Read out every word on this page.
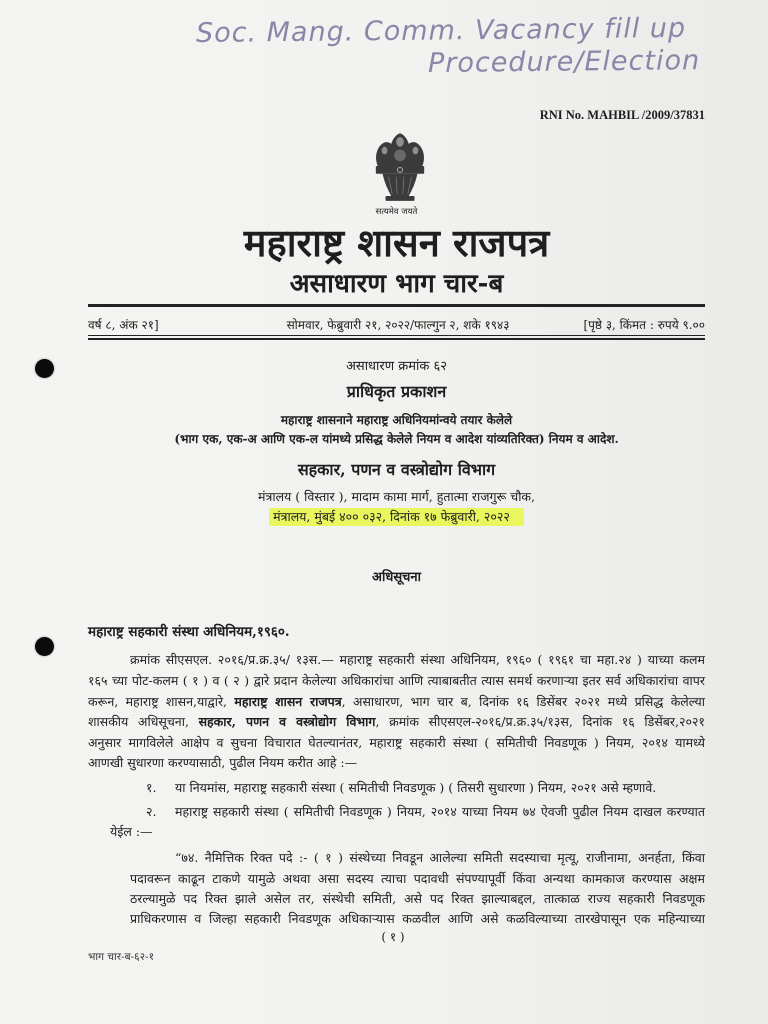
Soc. Mang. Comm. Vacancy fill up
Procedure/Election
RNI No. MAHBIL /2009/37831
सत्यमेव जयते
महाराष्ट्र शासन राजपत्र
असाधारण भाग चार-ब
वर्ष ८, अंक २१]	सोमवार, फेब्रुवारी २१, २०२२/फाल्गुन २, शके १९४३	[पृष्ठे ३, किंमत : रुपये ९.००
असाधारण क्रमांक ६२
प्राधिकृत प्रकाशन
महाराष्ट्र शासनाने महाराष्ट्र अधिनियमांन्वये तयार केलेले
(भाग एक, एक-अ आणि एक-ल यांमध्ये प्रसिद्ध केलेले नियम व आदेश यांव्यतिरिक्त) नियम व आदेश.
सहकार, पणन व वस्त्रोद्योग विभाग
मंत्रालय ( विस्तार ), मादाम कामा मार्ग, हुतात्मा राजगुरू चौक,
मंत्रालय, मुंबई ४०० ०३२, दिनांक १७ फेब्रुवारी, २०२२
अधिसूचना
महाराष्ट्र सहकारी संस्था अधिनियम,१९६०.
क्रमांक सीएसएल. २०१६/प्र.क्र.३५/ १३स.— महाराष्ट्र सहकारी संस्था अधिनियम, १९६० ( १९६१ चा महा.२४ ) याच्या कलम
१६५ च्या पोट-कलम ( १ ) व ( २ ) द्वारे प्रदान केलेल्या अधिकारांचा आणि त्याबाबतीत त्यास समर्थ करणाऱ्या इतर सर्व अधिकारांचा वापर
करून, महाराष्ट्र शासन,याद्वारे, महाराष्ट्र शासन राजपत्र, असाधारण, भाग चार ब, दिनांक १६ डिसेंबर २०२१ मध्ये प्रसिद्ध केलेल्या
शासकीय अधिसूचना, सहकार, पणन व वस्त्रोद्योग विभाग, क्रमांक सीएसएल-२०१६/प्र.क्र.३५/१३स, दिनांक १६ डिसेंबर,२०२१
अनुसार मागविलेले आक्षेप व सुचना विचारात घेतल्यानंतर, महाराष्ट्र सहकारी संस्था ( समितीची निवडणूक ) नियम, २०१४ यामध्ये
आणखी सुधारणा करण्यासाठी, पुढील नियम करीत आहे :—
१.	या नियमांस, महाराष्ट्र सहकारी संस्था ( समितीची निवडणूक ) ( तिसरी सुधारणा ) नियम, २०२१ असे म्हणावे.
२.	महाराष्ट्र सहकारी संस्था ( समितीची निवडणूक ) नियम, २०१४ याच्या नियम ७४ ऐवजी पुढील नियम दाखल करण्यात
येईल :—
“७४. नैमित्तिक रिक्त पदे :- ( १ ) संस्थेच्या निवडून आलेल्या समिती सदस्याचा मृत्यू, राजीनामा, अनर्हता, किंवा
पदावरून काढून टाकणे यामुळे अथवा असा सदस्य त्याचा पदावधी संपण्यापूर्वी किंवा अन्यथा कामकाज करण्यास अक्षम
ठरल्यामुळे पद रिक्त झाले असेल तर, संस्थेची समिती, असे पद रिक्त झाल्याबद्दल, तात्काळ राज्य सहकारी निवडणूक
प्राधिकरणास व जिल्हा सहकारी निवडणूक अधिकाऱ्यास कळवील आणि असे कळविल्याच्या तारखेपासून एक महिन्याच्या
( १ )
भाग चार-ब-६२-१
